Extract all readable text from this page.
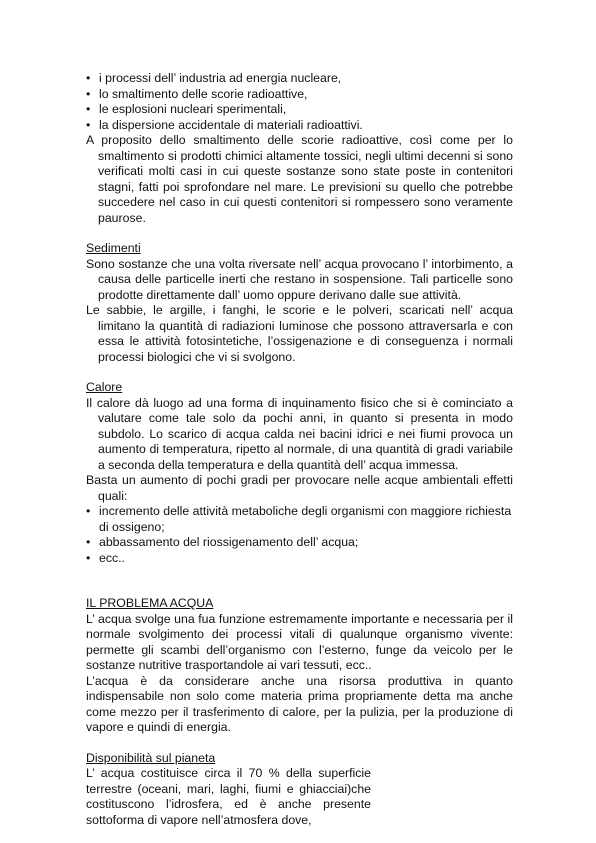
• i processi dell’ industria ad energia nucleare,
• lo smaltimento delle scorie radioattive,
• le esplosioni nucleari sperimentali,
• la dispersione accidentale di materiali radioattivi.

A proposito dello smaltimento delle scorie radioattive, così come per lo smaltimento si prodotti chimici altamente tossici, negli ultimi decenni si sono verificati molti casi in cui queste sostanze sono state poste in contenitori stagni, fatti poi sprofondare nel mare. Le previsioni su quello che potrebbe succedere nel caso in cui questi contenitori si rompessero sono veramente paurose.

Sedimenti

Sono sostanze che una volta riversate nell’ acqua provocano l’ intorbimento, a causa delle particelle inerti che restano in sospensione. Tali particelle sono prodotte direttamente dall’ uomo oppure derivano dalle sue attività.

Le sabbie, le argille, i fanghi, le scorie e le polveri, scaricati nell’ acqua limitano la quantità di radiazioni luminose che possono attraversarla e con essa le attività fotosintetiche, l’ossigenazione e di conseguenza i normali processi biologici che vi si svolgono.

Calore

Il calore dà luogo ad una forma di inquinamento fisico che si è cominciato a valutare come tale solo da pochi anni, in quanto si presenta in modo subdolo. Lo scarico di acqua calda nei bacini idrici e nei fiumi provoca un aumento di temperatura, ripetto al normale, di una quantità di gradi variabile a seconda della temperatura e della quantità dell’ acqua immessa.

Basta un aumento di pochi gradi per provocare nelle acque ambientali effetti quali:

• incremento delle attività metaboliche degli organismi con maggiore richiesta di ossigeno;
• abbassamento del riossigenamento dell’ acqua;
• ecc..

IL PROBLEMA ACQUA

L’ acqua svolge una fua funzione estremamente importante e necessaria per il normale svolgimento dei processi vitali di qualunque organismo vivente: permette gli scambi dell’organismo con l’esterno, funge da veicolo per le sostanze nutritive trasportandole ai vari tessuti, ecc..

L’acqua è da considerare anche una risorsa produttiva in quanto indispensabile non solo come materia prima propriamente detta ma anche come mezzo per il trasferimento di calore, per la pulizia, per la produzione di vapore e quindi di energia.

Disponibilità sul pianeta

L’ acqua costituisce circa il 70 % della superficie terrestre (oceani, mari, laghi, fiumi e ghiacciai)che costituscono l’idrosfera, ed è anche presente sottoforma di vapore nell’atmosfera dove,
